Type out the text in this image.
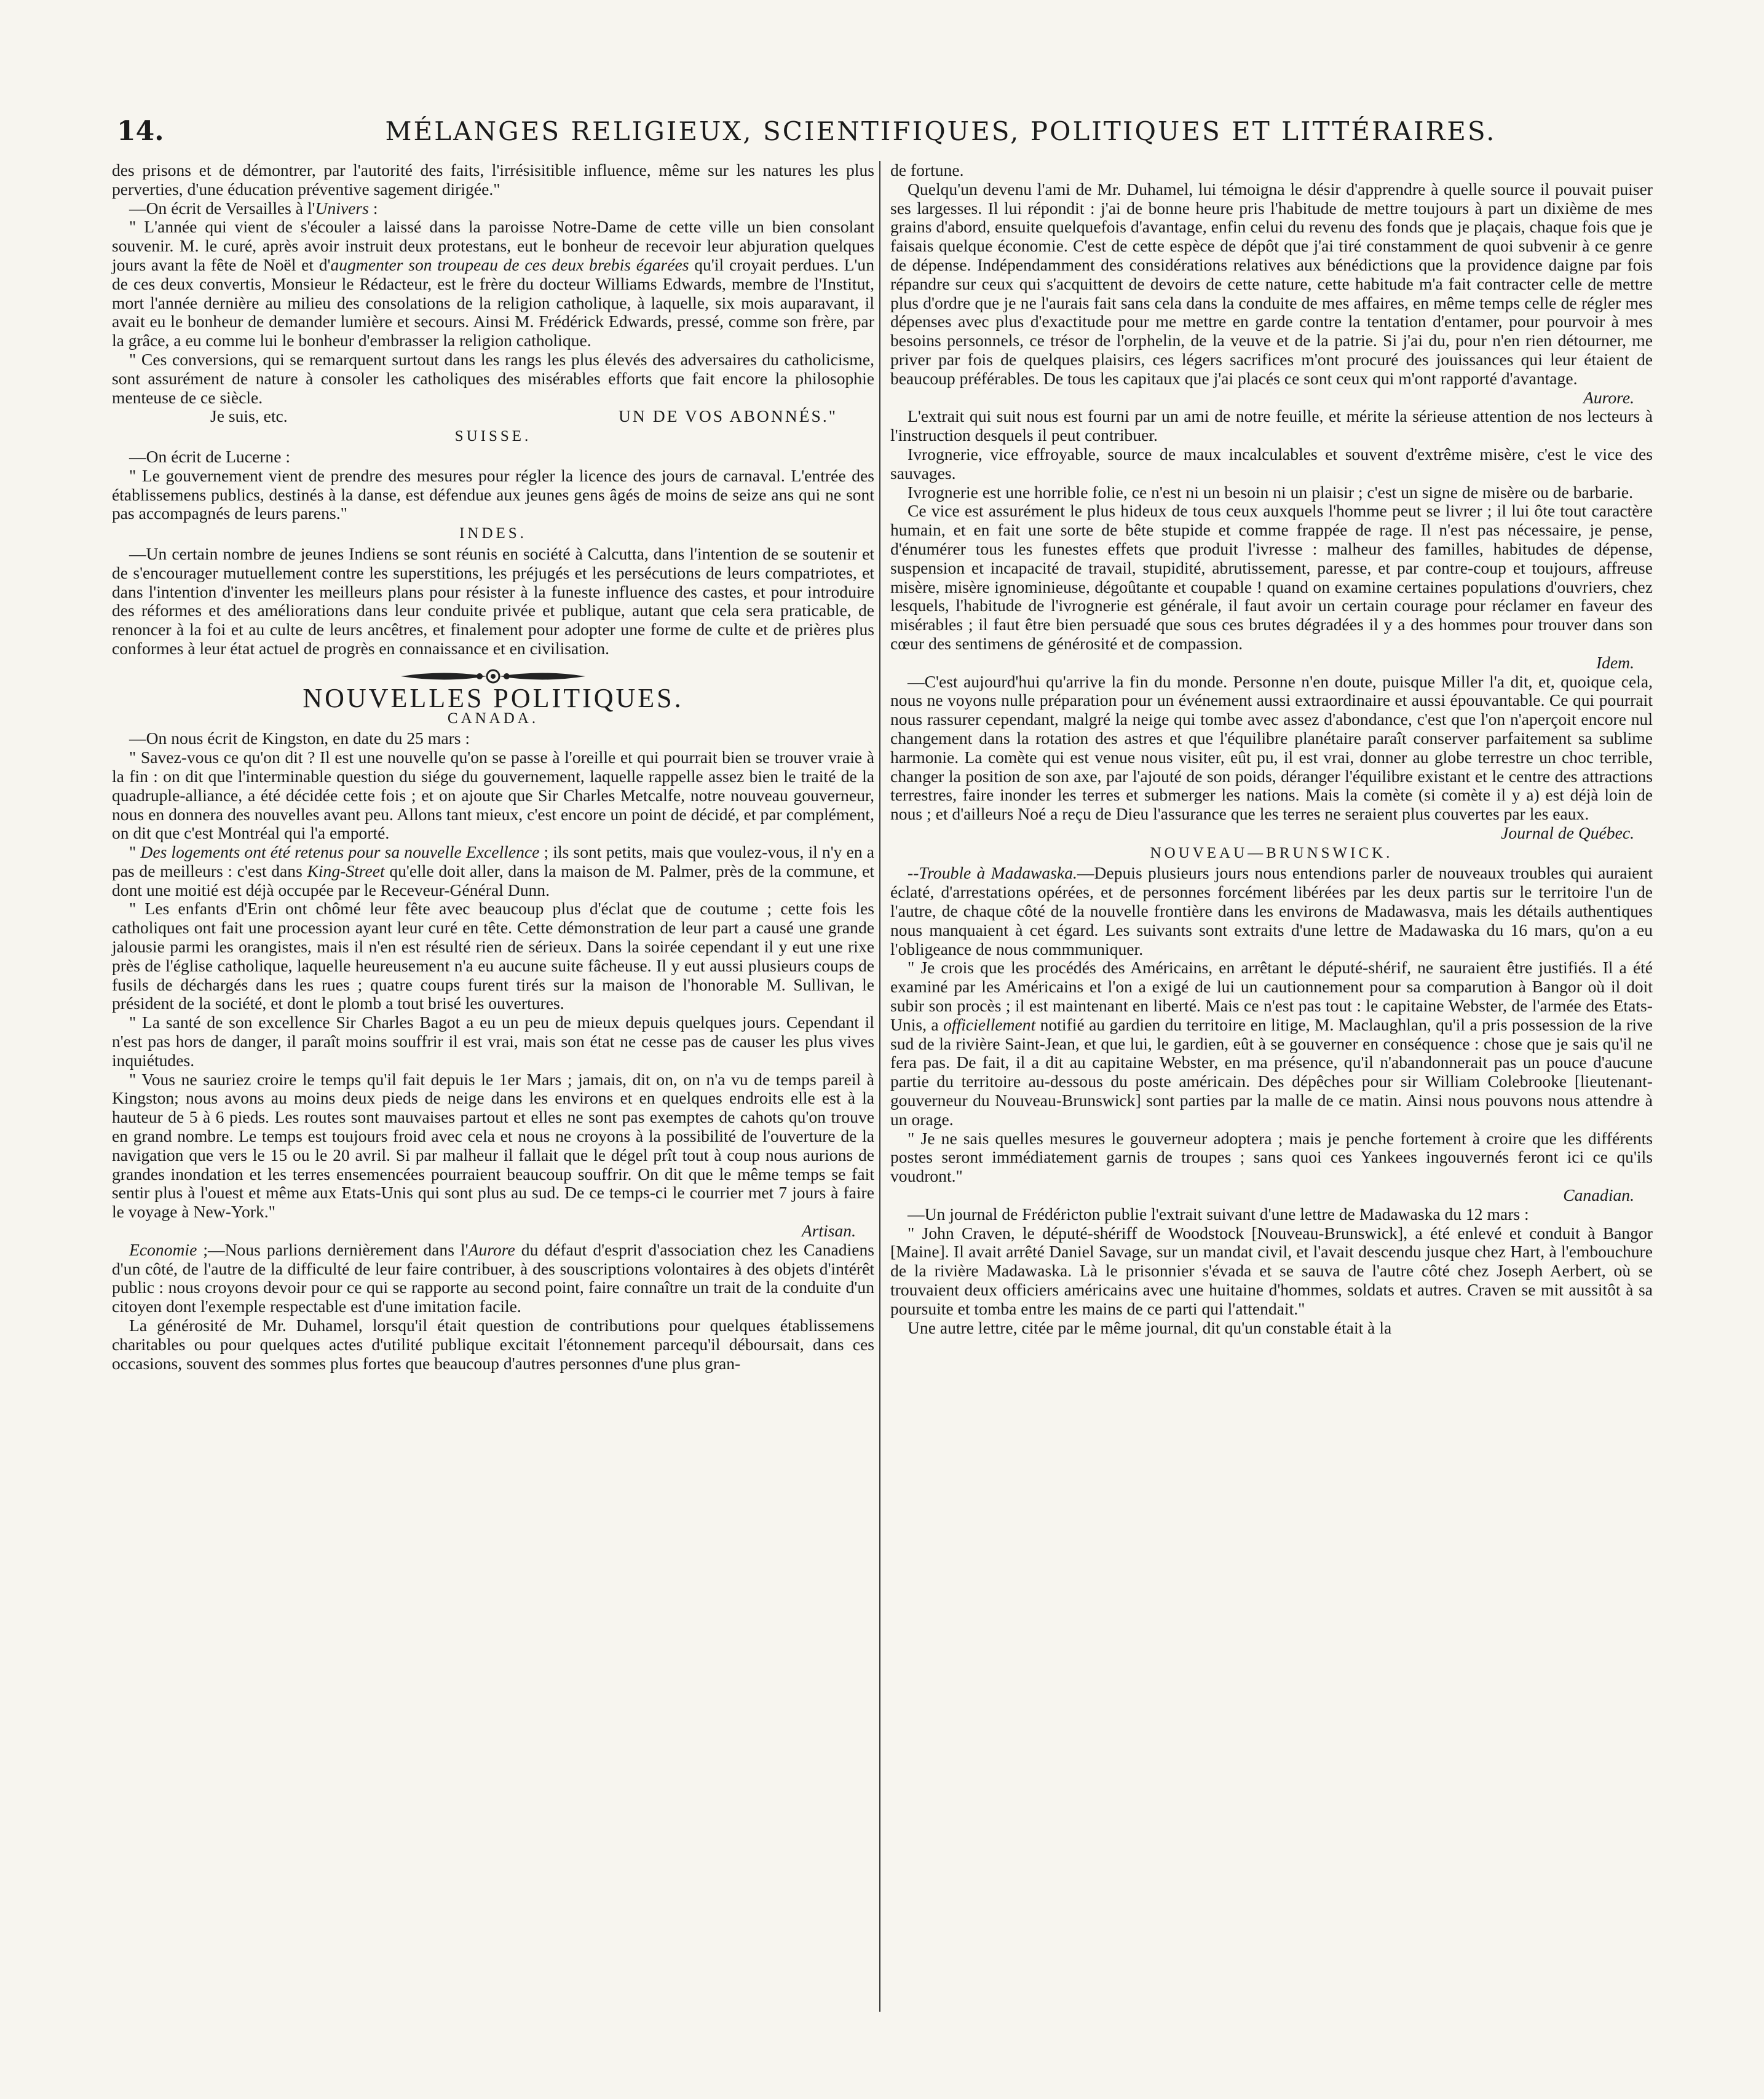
14.	MÉLANGES RELIGIEUX, SCIENTIFIQUES, POLITIQUES ET LITTÉRAIRES.

des prisons et de démontrer, par l'autorité des faits, l'irrésisitible influence, même sur les natures les plus perverties, d'une éducation préventive sagement dirigée."

—On écrit de Versailles à l'Univers :

" L'année qui vient de s'écouler a laissé dans la paroisse Notre-Dame de cette ville un bien consolant souvenir. M. le curé, après avoir instruit deux protestans, eut le bonheur de recevoir leur abjuration quelques jours avant la fête de Noël et d'augmenter son troupeau de ces deux brebis égarées qu'il croyait perdues. L'un de ces deux convertis, Monsieur le Rédacteur, est le frère du docteur Williams Edwards, membre de l'Institut, mort l'année dernière au milieu des consolations de la religion catholique, à laquelle, six mois auparavant, il avait eu le bonheur de demander lumière et secours. Ainsi M. Frédérick Edwards, pressé, comme son frère, par la grâce, a eu comme lui le bonheur d'embrasser la religion catholique.

" Ces conversions, qui se remarquent surtout dans les rangs les plus élevés des adversaires du catholicisme, sont assurément de nature à consoler les catholiques des misérables efforts que fait encore la philosophie menteuse de ce siècle.

Je suis, etc.	UN DE VOS ABONNÉS."
SUISSE.

—On écrit de Lucerne :

" Le gouvernement vient de prendre des mesures pour régler la licence des jours de carnaval. L'entrée des établissemens publics, destinés à la danse, est défendue aux jeunes gens âgés de moins de seize ans qui ne sont pas accompagnés de leurs parens."

INDES.

—Un certain nombre de jeunes Indiens se sont réunis en société à Calcutta, dans l'intention de se soutenir et de s'encourager mutuellement contre les superstitions, les préjugés et les persécutions de leurs compatriotes, et dans l'intention d'inventer les meilleurs plans pour résister à la funeste influence des castes, et pour introduire des réformes et des améliorations dans leur conduite privée et publique, autant que cela sera praticable, de renoncer à la foi et au culte de leurs ancêtres, et finalement pour adopter une forme de culte et de prières plus conformes à leur état actuel de progrès en connaissance et en civilisation.

NOUVELLES POLITIQUES.
CANADA.

—On nous écrit de Kingston, en date du 25 mars :

" Savez-vous ce qu'on dit ? Il est une nouvelle qu'on se passe à l'oreille et qui pourrait bien se trouver vraie à la fin : on dit que l'interminable question du siége du gouvernement, laquelle rappelle assez bien le traité de la quadruple-alliance, a été décidée cette fois ; et on ajoute que Sir Charles Metcalfe, notre nouveau gouverneur, nous en donnera des nouvelles avant peu. Allons tant mieux, c'est encore un point de décidé, et par complément, on dit que c'est Montréal qui l'a emporté.

" Des logements ont été retenus pour sa nouvelle Excellence ; ils sont petits, mais que voulez-vous, il n'y en a pas de meilleurs : c'est dans King-Street qu'elle doit aller, dans la maison de M. Palmer, près de la commune, et dont une moitié est déjà occupée par le Receveur-Général Dunn.

" Les enfants d'Erin ont chômé leur fête avec beaucoup plus d'éclat que de coutume ; cette fois les catholiques ont fait une procession ayant leur curé en tête. Cette démonstration de leur part a causé une grande jalousie parmi les orangistes, mais il n'en est résulté rien de sérieux. Dans la soirée cependant il y eut une rixe près de l'église catholique, laquelle heureusement n'a eu aucune suite fâcheuse. Il y eut aussi plusieurs coups de fusils de déchargés dans les rues ; quatre coups furent tirés sur la maison de l'honorable M. Sullivan, le président de la société, et dont le plomb a tout brisé les ouvertures.

" La santé de son excellence Sir Charles Bagot a eu un peu de mieux depuis quelques jours. Cependant il n'est pas hors de danger, il paraît moins souffrir il est vrai, mais son état ne cesse pas de causer les plus vives inquiétudes.

" Vous ne sauriez croire le temps qu'il fait depuis le 1er Mars ; jamais, dit on, on n'a vu de temps pareil à Kingston; nous avons au moins deux pieds de neige dans les environs et en quelques endroits elle est à la hauteur de 5 à 6 pieds. Les routes sont mauvaises partout et elles ne sont pas exemptes de cahots qu'on trouve en grand nombre. Le temps est toujours froid avec cela et nous ne croyons à la possibilité de l'ouverture de la navigation que vers le 15 ou le 20 avril. Si par malheur il fallait que le dégel prît tout à coup nous aurions de grandes inondation et les terres ensemencées pourraient beaucoup souffrir. On dit que le même temps se fait sentir plus à l'ouest et même aux Etats-Unis qui sont plus au sud. De ce temps-ci le courrier met 7 jours à faire le voyage à New-York."

Artisan.

Economie ;—Nous parlions dernièrement dans l'Aurore du défaut d'esprit d'association chez les Canadiens d'un côté, de l'autre de la difficulté de leur faire contribuer, à des souscriptions volontaires à des objets d'intérêt public : nous croyons devoir pour ce qui se rapporte au second point, faire connaître un trait de la conduite d'un citoyen dont l'exemple respectable est d'une imitation facile.

La générosité de Mr. Duhamel, lorsqu'il était question de contributions pour quelques établissemens charitables ou pour quelques actes d'utilité publique excitait l'étonnement parcequ'il déboursait, dans ces occasions, souvent des sommes plus fortes que beaucoup d'autres personnes d'une plus gran-

de fortune.

Quelqu'un devenu l'ami de Mr. Duhamel, lui témoigna le désir d'apprendre à quelle source il pouvait puiser ses largesses. Il lui répondit : j'ai de bonne heure pris l'habitude de mettre toujours à part un dixième de mes grains d'abord, ensuite quelquefois d'avantage, enfin celui du revenu des fonds que je plaçais, chaque fois que je faisais quelque économie. C'est de cette espèce de dépôt que j'ai tiré constamment de quoi subvenir à ce genre de dépense. Indépendamment des considérations relatives aux bénédictions que la providence daigne par fois répandre sur ceux qui s'acquittent de devoirs de cette nature, cette habitude m'a fait contracter celle de mettre plus d'ordre que je ne l'aurais fait sans cela dans la conduite de mes affaires, en même temps celle de régler mes dépenses avec plus d'exactitude pour me mettre en garde contre la tentation d'entamer, pour pourvoir à mes besoins personnels, ce trésor de l'orphelin, de la veuve et de la patrie. Si j'ai du, pour n'en rien détourner, me priver par fois de quelques plaisirs, ces légers sacrifices m'ont procuré des jouissances qui leur étaient de beaucoup préférables. De tous les capitaux que j'ai placés ce sont ceux qui m'ont rapporté d'avantage.

Aurore.

L'extrait qui suit nous est fourni par un ami de notre feuille, et mérite la sérieuse attention de nos lecteurs à l'instruction desquels il peut contribuer.

Ivrognerie, vice effroyable, source de maux incalculables et souvent d'extrême misère, c'est le vice des sauvages.

Ivrognerie est une horrible folie, ce n'est ni un besoin ni un plaisir ; c'est un signe de misère ou de barbarie.

Ce vice est assurément le plus hideux de tous ceux auxquels l'homme peut se livrer ; il lui ôte tout caractère humain, et en fait une sorte de bête stupide et comme frappée de rage. Il n'est pas nécessaire, je pense, d'énumérer tous les funestes effets que produit l'ivresse : malheur des familles, habitudes de dépense, suspension et incapacité de travail, stupidité, abrutissement, paresse, et par contre-coup et toujours, affreuse misère, misère ignominieuse, dégoûtante et coupable ! quand on examine certaines populations d'ouvriers, chez lesquels, l'habitude de l'ivrognerie est générale, il faut avoir un certain courage pour réclamer en faveur des misérables ; il faut être bien persuadé que sous ces brutes dégradées il y a des hommes pour trouver dans son cœur des sentimens de générosité et de compassion.

Idem.

—C'est aujourd'hui qu'arrive la fin du monde. Personne n'en doute, puisque Miller l'a dit, et, quoique cela, nous ne voyons nulle préparation pour un événement aussi extraordinaire et aussi épouvantable. Ce qui pourrait nous rassurer cependant, malgré la neige qui tombe avec assez d'abondance, c'est que l'on n'aperçoit encore nul changement dans la rotation des astres et que l'équilibre planétaire paraît conserver parfaitement sa sublime harmonie. La comète qui est venue nous visiter, eût pu, il est vrai, donner au globe terrestre un choc terrible, changer la position de son axe, par l'ajouté de son poids, déranger l'équilibre existant et le centre des attractions terrestres, faire inonder les terres et submerger les nations. Mais la comète (si comète il y a) est déjà loin de nous ; et d'ailleurs Noé a reçu de Dieu l'assurance que les terres ne seraient plus couvertes par les eaux.

Journal de Québec.
NOUVEAU—BRUNSWICK.

--Trouble à Madawaska.—Depuis plusieurs jours nous entendions parler de nouveaux troubles qui auraient éclaté, d'arrestations opérées, et de personnes forcément libérées par les deux partis sur le territoire l'un de l'autre, de chaque côté de la nouvelle frontière dans les environs de Madawasva, mais les détails authentiques nous manquaient à cet égard. Les suivants sont extraits d'une lettre de Madawaska du 16 mars, qu'on a eu l'obligeance de nous commmuniquer.

" Je crois que les procédés des Américains, en arrêtant le député-shérif, ne sauraient être justifiés. Il a été examiné par les Américains et l'on a exigé de lui un cautionnement pour sa comparution à Bangor où il doit subir son procès ; il est maintenant en liberté. Mais ce n'est pas tout : le capitaine Webster, de l'armée des Etats-Unis, a officiellement notifié au gardien du territoire en litige, M. Maclaughlan, qu'il a pris possession de la rive sud de la rivière Saint-Jean, et que lui, le gardien, eût à se gouverner en conséquence : chose que je sais qu'il ne fera pas. De fait, il a dit au capitaine Webster, en ma présence, qu'il n'abandonnerait pas un pouce d'aucune partie du territoire au-dessous du poste américain. Des dépêches pour sir William Colebrooke [lieutenant-gouverneur du Nouveau-Brunswick] sont parties par la malle de ce matin. Ainsi nous pouvons nous attendre à un orage.

" Je ne sais quelles mesures le gouverneur adoptera ; mais je penche fortement à croire que les différents postes seront immédiatement garnis de troupes ; sans quoi ces Yankees ingouvernés feront ici ce qu'ils voudront."

Canadian.

—Un journal de Frédéricton publie l'extrait suivant d'une lettre de Madawaska du 12 mars :

" John Craven, le député-shériff de Woodstock [Nouveau-Brunswick], a été enlevé et conduit à Bangor [Maine]. Il avait arrêté Daniel Savage, sur un mandat civil, et l'avait descendu jusque chez Hart, à l'embouchure de la rivière Madawaska. Là le prisonnier s'évada et se sauva de l'autre côté chez Joseph Aerbert, où se trouvaient deux officiers américains avec une huitaine d'hommes, soldats et autres. Craven se mit aussitôt à sa poursuite et tomba entre les mains de ce parti qui l'attendait."

Une autre lettre, citée par le même journal, dit qu'un constable était à la
